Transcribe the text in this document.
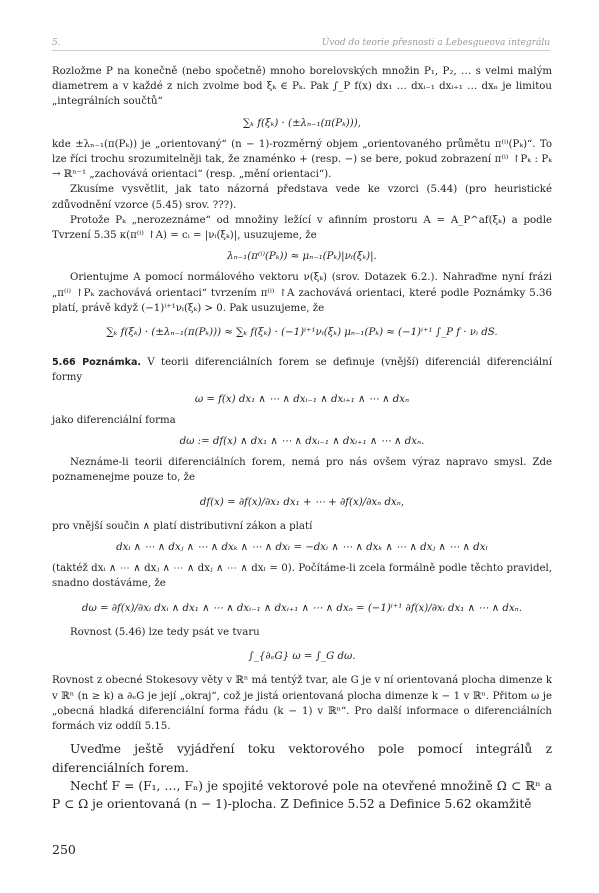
5.	Úvod do teorie přesnosti a Lebesgueova integrálu

Rozložme P na konečně (nebo spočetně) mnoho borelovských množin P₁, P₂, … s velmi malým diametrem a v každé z nich zvolme bod ξₖ ∈ Pₖ. Pak ∫_P f(x) dx₁ … dxᵢ₋₁ dxᵢ₊₁ … dxₙ je limitou „integrálních součtů“

∑ₖ f(ξₖ) · (±λₙ₋₁(π(Pₖ))),

kde ±λₙ₋₁(π(Pₖ)) je „orientovaný“ (n − 1)-rozměrný objem „orientovaného průmětu π⁽ⁱ⁾(Pₖ)“. To lze říci trochu srozumitelněji tak, že znaménko + (resp. −) se bere, pokud zobrazení π⁽ⁱ⁾ ↾Pₖ : Pₖ → ℝⁿ⁻¹ „zachovává orientaci“ (resp. „mění orientaci“).

Zkusíme vysvětlit, jak tato názorná představa vede ke vzorci (5.44) (pro heuristické zdůvodnění vzorce (5.45) srov. ???).

Protože Pₖ „nerozeznáme“ od množiny ležící v afinním prostoru A = A_P^af(ξₖ) a podle Tvrzení 5.35 κ(π⁽ⁱ⁾ ↾A) = cᵢ = |νᵢ(ξₖ)|, usuzujeme, že

λₙ₋₁(π⁽ⁱ⁾(Pₖ)) ≈ μₙ₋₁(Pₖ)|νᵢ(ξₖ)|.

Orientujme A pomocí normálového vektoru ν(ξₖ) (srov. Dotazek 6.2.). Nahraďme nyní frázi „π⁽ⁱ⁾ ↾Pₖ zachovává orientaci“ tvrzením π⁽ⁱ⁾ ↾A zachovává orientaci, které podle Poznámky 5.36 platí, právě když (−1)ⁱ⁺¹νᵢ(ξₖ) > 0. Pak usuzujeme, že

∑ₖ f(ξₖ) · (±λₙ₋₁(π(Pₖ))) ≈ ∑ₖ f(ξₖ) · (−1)ⁱ⁺¹νᵢ(ξₖ) μₙ₋₁(Pₖ) ≈ (−1)ⁱ⁺¹ ∫_P f · νᵢ dS.

5.66 Poznámka. V teorii diferenciálních forem se definuje (vnější) diferenciál diferenciální formy

ω = f(x) dx₁ ∧ ⋯ ∧ dxᵢ₋₁ ∧ dxᵢ₊₁ ∧ ⋯ ∧ dxₙ

jako diferenciální forma

dω := df(x) ∧ dx₁ ∧ ⋯ ∧ dxᵢ₋₁ ∧ dxᵢ₊₁ ∧ ⋯ ∧ dxₙ.

Neznáme-li teorii diferenciálních forem, nemá pro nás ovšem výraz napravo smysl. Zde poznamenejme pouze to, že

df(x) = ∂f(x)/∂x₁ dx₁ + ⋯ + ∂f(x)/∂xₙ dxₙ,

pro vnější součin ∧ platí distributivní zákon a platí

dxᵢ ∧ ⋯ ∧ dxⱼ ∧ ⋯ ∧ dxₖ ∧ ⋯ ∧ dxₗ = −dxᵢ ∧ ⋯ ∧ dxₖ ∧ ⋯ ∧ dxⱼ ∧ ⋯ ∧ dxₗ

(taktéž dxᵢ ∧ ⋯ ∧ dxⱼ ∧ ⋯ ∧ dxⱼ ∧ ⋯ ∧ dxₗ = 0). Počítáme-li zcela formálně podle těchto pravidel, snadno dostáváme, že

dω = ∂f(x)/∂xᵢ dxᵢ ∧ dx₁ ∧ ⋯ ∧ dxᵢ₋₁ ∧ dxᵢ₊₁ ∧ ⋯ ∧ dxₙ = (−1)ⁱ⁺¹ ∂f(x)/∂xᵢ dx₁ ∧ ⋯ ∧ dxₙ.

Rovnost (5.46) lze tedy psát ve tvaru

∫_{∂ₑG} ω = ∫_G dω.

Rovnost z obecné Stokesovy věty v ℝⁿ má tentýž tvar, ale G je v ní orientovaná plocha dimenze k v ℝⁿ (n ≥ k) a ∂ₑG je její „okraj“, což je jistá orientovaná plocha dimenze k − 1 v ℝⁿ. Přitom ω je „obecná hladká diferenciální forma řádu (k − 1) v ℝⁿ“. Pro další informace o diferenciálních formách viz oddíl 5.15.

Uveďme ještě vyjádření toku vektorového pole pomocí integrálů z diferenciálních forem.

Nechť F = (F₁, …, Fₙ) je spojité vektorové pole na otevřené množině Ω ⊂ ℝⁿ a P ⊂ Ω je orientovaná (n − 1)-plocha. Z Definice 5.52 a Definice 5.62 okamžitě

250
